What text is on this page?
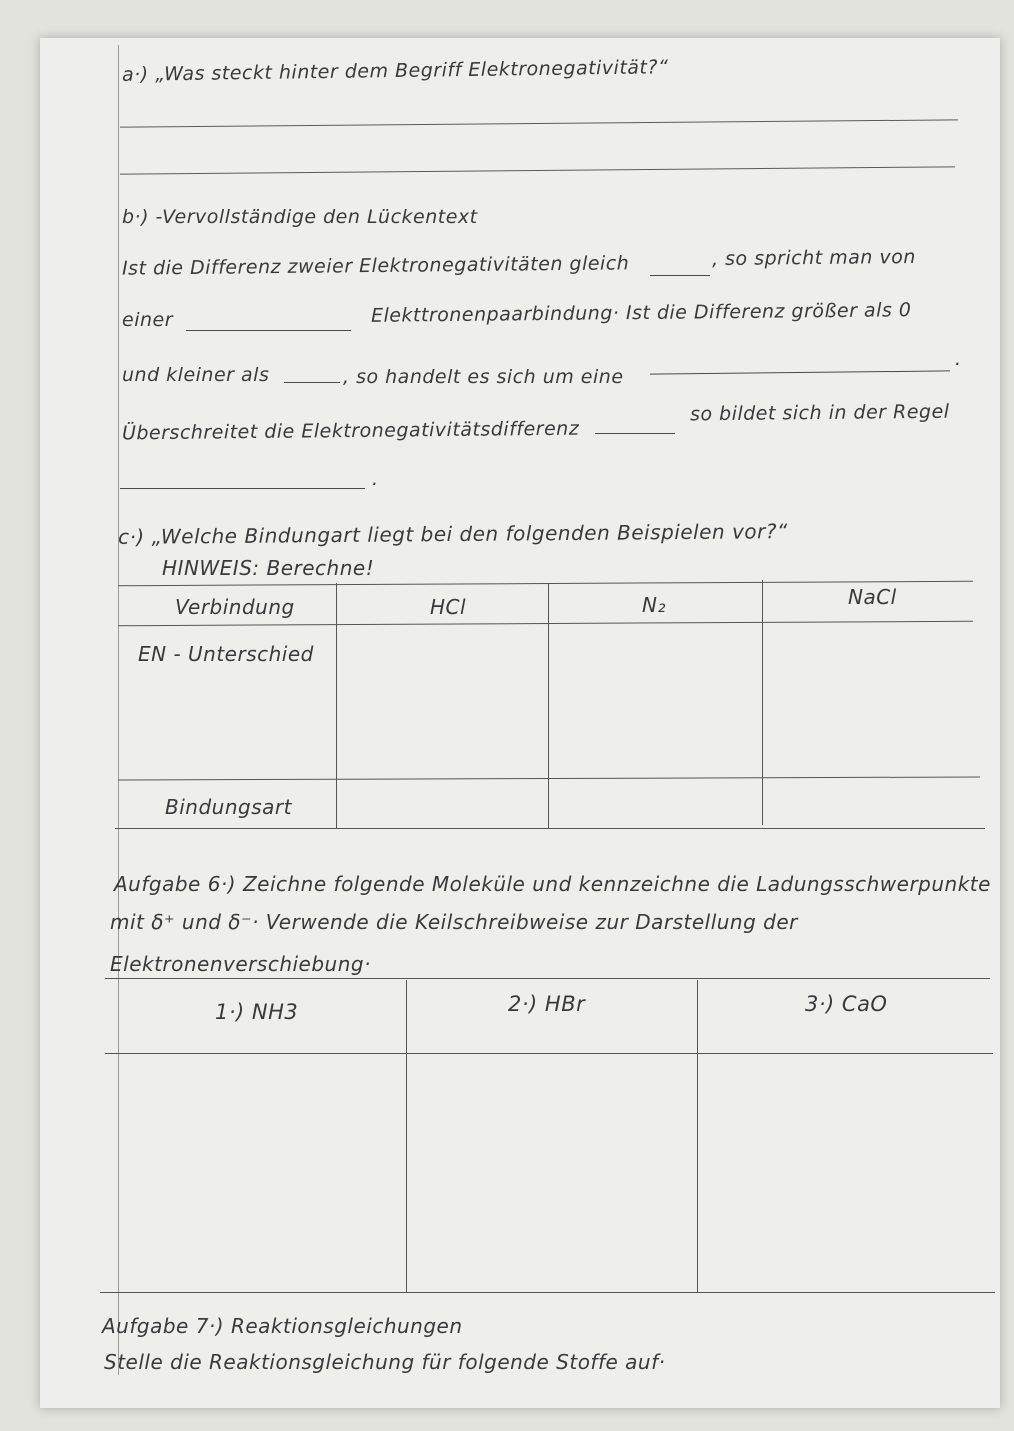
a·) „Was steckt hinter dem Begriff Elektronegativität?“
b·) -Vervollständige den Lückentext
Ist die Differenz zweier Elektronegativitäten gleich	, so spricht man von
einer	Elekttronenpaarbindung· Ist die Differenz größer als 0
und kleiner als	, so handelt es sich um eine
.
Überschreitet die Elektronegativitätsdifferenz
so bildet sich in der Regel
.
c·) „Welche Bindungart liegt bei den folgenden Beispielen vor?“
HINWEIS: Berechne!
Verbindung	HCl	N₂	NaCl
EN - Unterschied
Bindungsart
Aufgabe 6·) Zeichne folgende Moleküle und kennzeichne die Ladungsschwerpunkte
mit δ⁺ und δ⁻· Verwende die Keilschreibweise zur Darstellung der
Elektronenverschiebung·
1·) NH3	2·) HBr	3·) CaO
Aufgabe 7·) Reaktionsgleichungen
Stelle die Reaktionsgleichung für folgende Stoffe auf·
